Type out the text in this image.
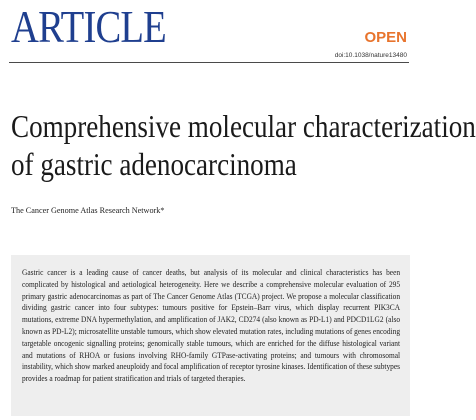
ARTICLE	OPEN
doi:10.1038/nature13480
Comprehensive molecular characterization
of gastric adenocarcinoma
The Cancer Genome Atlas Research Network*
Gastric cancer is a leading cause of cancer deaths, but analysis of its molecular and clinical characteristics has been complicated by histological and aetiological heterogeneity. Here we describe a comprehensive molecular evaluation of 295 primary gastric adenocarcinomas as part of The Cancer Genome Atlas (TCGA) project. We propose a molecular classification dividing gastric cancer into four subtypes: tumours positive for Epstein–Barr virus, which display recurrent PIK3CA mutations, extreme DNA hypermethylation, and amplification of JAK2, CD274 (also known as PD-L1) and PDCD1LG2 (also known as PD-L2); microsatellite unstable tumours, which show elevated mutation rates, including mutations of genes encoding targetable oncogenic signalling proteins; genomically stable tumours, which are enriched for the diffuse histological variant and mutations of RHOA or fusions involving RHO-family GTPase-activating proteins; and tumours with chromosomal instability, which show marked aneuploidy and focal amplification of receptor tyrosine kinases. Identification of these subtypes provides a roadmap for patient stratification and trials of targeted therapies.
